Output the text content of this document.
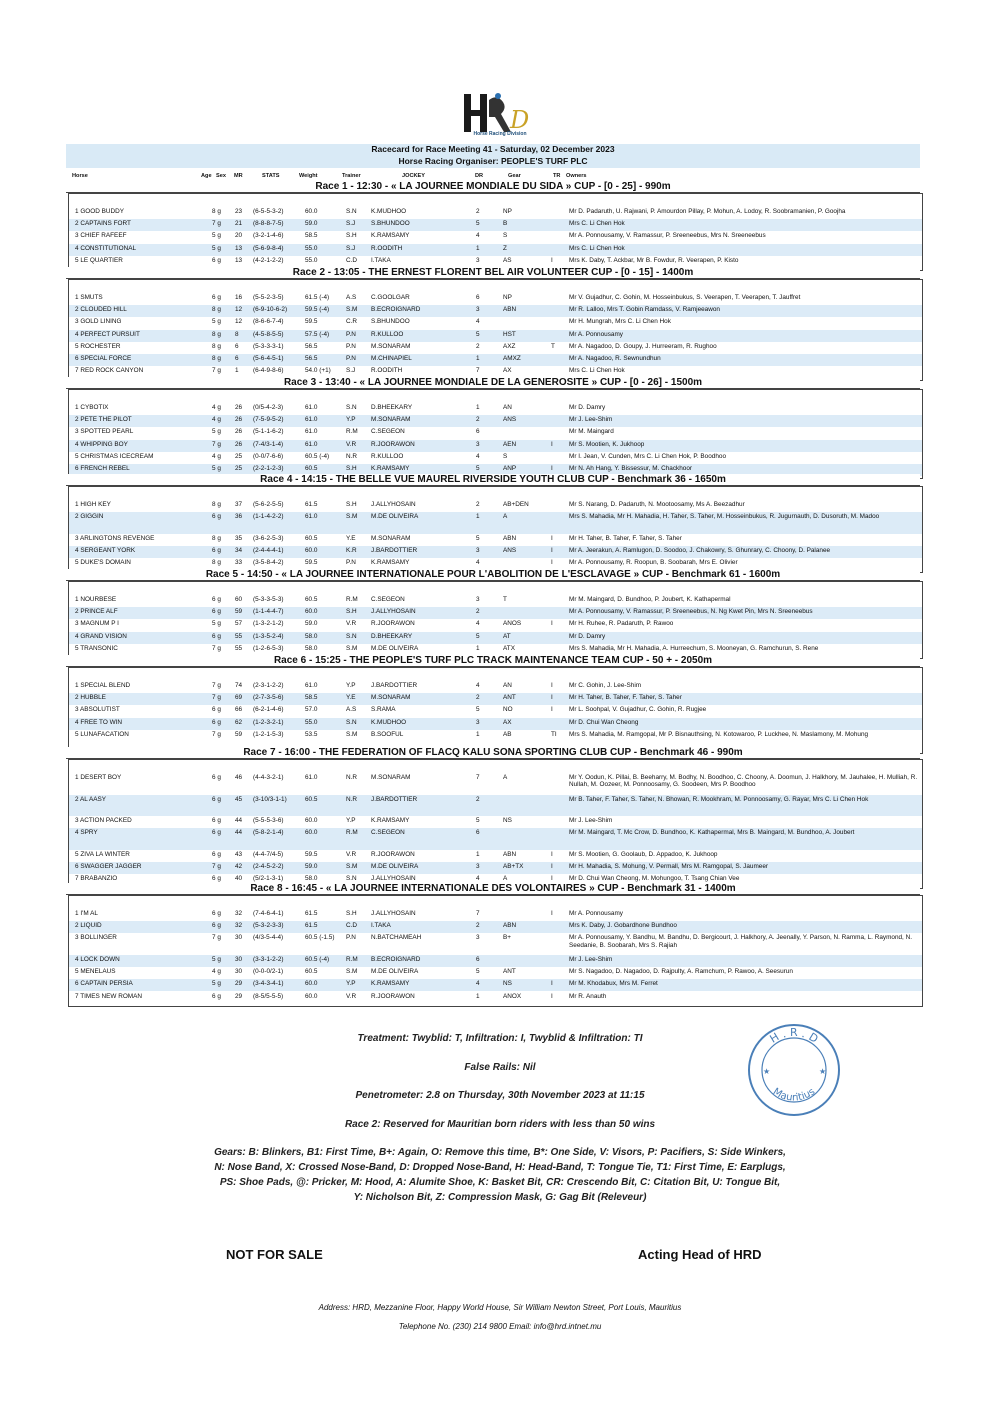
D
Horse Racing Division
Racecard for Race Meeting 41 - Saturday, 02 December 2023
Horse Racing Organiser: PEOPLE'S TURF PLC
Horse	Age Sex MR	STATS	Weight	Trainer	JOCKEY	DR	Gear	TR Owners
Race 1 - 12:30 - « LA JOURNEE MONDIALE DU SIDA » CUP - [0 - 25] - 990m
1 GOOD BUDDY	8 g 23 (6-5-5-3-2)	60.0	S.N K.MUDHOO	2	NP	Mr D. Padaruth, U. Rajwani, P. Amourdon Pillay, P. Mohun, A. Lodoy, R. Soobramanien, P. Goojha
2 CAPTAINS FORT	7 g 21 (8-8-8-7-5)	59.0	S.J S.BHUNDOO	5	B	Mrs C. Li Chen Hok
3 CHIEF RAFEEF	5 g 20 (3-2-1-4-6)	58.5	S.H K.RAMSAMY	4	S	Mr A. Ponnousamy, V. Ramassur, P. Sreeneebus, Mrs N. Sreeneebus
4 CONSTITUTIONAL	5 g 13 (5-6-9-8-4)	55.0	S.J R.OODITH	1	Z	Mrs C. Li Chen Hok
5 LE QUARTIER	6 g 13 (4-2-1-2-2)	55.0	C.D I.TAKA	3	AS	I	Mrs K. Daby, T. Ackbar, Mr B. Fowdur, R. Veerapen, P. Kisto
Race 2 - 13:05 - THE ERNEST FLORENT BEL AIR VOLUNTEER CUP - [0 - 15] - 1400m
1 SMUTS	6 g 16 (5-5-2-3-5)	61.5 (-4)	A.S C.GOOLGAR	6	NP	Mr V. Gujadhur, C. Gohin, M. Hosseinbukus, S. Veerapen, T. Veerapen, T. Jauffret
2 CLOUDED HILL	8 g 12 (6-9-10-6-2)	59.5 (-4)	S.M B.ECROIGNARD	3	ABN	Mr R. Lalloo, Mrs T. Gobin Ramdass, V. Ramjeeawon
3 GOLD LINING	5 g 12 (8-6-6-7-4)	59.5	C.R S.BHUNDOO	4	Mr H. Mungrah, Mrs C. Li Chen Hok
4 PERFECT PURSUIT	8 g 8 (4-5-8-5-5)	57.5 (-4)	P.N R.KULLOO	5	HST	Mr A. Ponnousamy
5 ROCHESTER	8 g 6 (5-3-3-3-1)	56.5	P.N M.SONARAM	2	AXZ	T Mr A. Nagadoo, D. Goupy, J. Hurreeram, R. Rughoo
6 SPECIAL FORCE	8 g 6 (5-6-4-5-1)	56.5	P.N M.CHINAPIEL	1	AMXZ	Mr A. Nagadoo, R. Sewnundhun
7 RED ROCK CANYON	7 g 1 (6-4-9-8-6)	54.0 (+1) S.J R.OODITH	7	AX	Mrs C. Li Chen Hok
Race 3 - 13:40 - « LA JOURNEE MONDIALE DE LA GENEROSITE » CUP - [0 - 26] - 1500m
1 CYBOTIX	4 g 26 (0/5-4-2-3)	61.0	S.N D.BHEEKARY	1	AN	Mr D. Damry
2 PETE THE PILOT	4 g 26 (7-5-9-5-2)	61.0	Y.P M.SONARAM	2	ANS	Mr J. Lee-Shim
3 SPOTTED PEARL	5 g 26 (5-1-1-6-2)	61.0	R.M C.SEGEON	6	Mr M. Maingard
4 WHIPPING BOY	7 g 26 (7-4/3-1-4)	61.0	V.R R.JOORAWON	3	AEN	I	Mr S. Mootien, K. Jukhoop
5 CHRISTMAS ICECREAM	4 g 25 (0-0/7-6-6)	60.5 (-4)	N.R R.KULLOO	4	S	Mr I. Jean, V. Cunden, Mrs C. Li Chen Hok, P. Boodhoo
6 FRENCH REBEL	5 g 25 (2-2-1-2-3)	60.5	S.H K.RAMSAMY	5	ANP	I	Mr N. Ah Hang, Y. Bissessur, M. Chackhoor
Race 4 - 14:15 - THE BELLE VUE MAUREL RIVERSIDE YOUTH CLUB CUP - Benchmark 36 - 1650m
1 HIGH KEY	8 g 37 (5-6-2-5-5)	61.5	S.H J.ALLYHOSAIN	2	AB+DEN	Mr S. Narang, D. Padaruth, N. Mootoosamy, Ms A. Beezadhur
2 GIGGIN	6 g 36 (1-1-4-2-2)	61.0	S.M M.DE OLIVEIRA	1	A	Mrs S. Mahadia, Mr H. Mahadia, H. Taher, S. Taher, M. Hosseinbukus, R. Jugurnauth, D. Dusoruth, M. Madoo
3 ARLINGTONS REVENGE	8 g 35 (3-6-2-5-3)	60.5	Y.E M.SONARAM	5	ABN	I	Mr H. Taher, B. Taher, F. Taher, S. Taher
4 SERGEANT YORK	6 g 34 (2-4-4-4-1)	60.0	K.R J.BARDOTTIER	3	ANS	I	Mr A. Jeerakun, A. Ramlugon, D. Soodoo, J. Chakowry, S. Ghunrary, C. Choony, D. Palanee
5 DUKE'S DOMAIN	8 g 33 (3-5-8-4-2)	59.5	P.N K.RAMSAMY	4	I	Mr A. Ponnousamy, R. Roopun, B. Soobarah, Mrs E. Olivier
Race 5 - 14:50 - « LA JOURNEE INTERNATIONALE POUR L'ABOLITION DE L'ESCLAVAGE » CUP - Benchmark 61 - 1600m
1 NOURBESE	6 g 60 (5-3-3-5-3)	60.5	R.M C.SEGEON	3	T	Mr M. Maingard, D. Bundhoo, P. Joubert, K. Kathapermal
2 PRINCE ALF	6 g 59 (1-1-4-4-7)	60.0	S.H J.ALLYHOSAIN	2	Mr A. Ponnousamy, V. Ramassur, P. Sreeneebus, N. Ng Kwet Pin, Mrs N. Sreeneebus
3 MAGNUM P I	5 g 57 (1-3-2-1-2)	59.0	V.R R.JOORAWON	4	ANOS	I	Mr H. Ruhee, R. Padaruth, P. Rawoo
4 GRAND VISION	6 g 55 (1-3-5-2-4)	58.0	S.N D.BHEEKARY	5	AT	Mr D. Damry
5 TRANSONIC	7 g 55 (1-2-6-5-3)	58.0	S.M M.DE OLIVEIRA	1	ATX	Mrs S. Mahadia, Mr H. Mahadia, A. Hurreechum, S. Mooneyan, G. Ramchurun, S. Rene
Race 6 - 15:25 - THE PEOPLE'S TURF PLC TRACK MAINTENANCE TEAM CUP - 50 + - 2050m
1 SPECIAL BLEND	7 g 74 (2-3-1-2-2)	61.0	Y.P J.BARDOTTIER	4	AN	I	Mr C. Gohin, J. Lee-Shim
2 HUBBLE	7 g 69 (2-7-3-5-6)	58.5	Y.E M.SONARAM	2	ANT	I	Mr H. Taher, B. Taher, F. Taher, S. Taher
3 ABSOLUTIST	6 g 66 (6-2-1-4-6)	57.0	A.S S.RAMA	5	NO	I	Mr L. Soohpal, V. Gujadhur, C. Gohin, R. Rugjee
4 FREE TO WIN	6 g 62 (1-2-3-2-1)	55.0	S.N K.MUDHOO	3	AX	Mr D. Chui Wan Cheong
5 LUNAFACATION	7 g 59 (1-2-1-5-3)	53.5	S.M B.SOOFUL	1	AB	TI Mrs S. Mahadia, M. Ramgopal, Mr P. Bisnauthsing, N. Kotowaroo, P. Luckhee, N. Maslamony, M. Mohung
Race 7 - 16:00 - THE FEDERATION OF FLACQ KALU SONA SPORTING CLUB CUP - Benchmark 46 - 990m
1 DESERT BOY	6 g 46 (4-4-3-2-1)	61.0	N.R M.SONARAM	7	A	Mr Y. Oodun, K. Pillai, B. Beeharry, M. Bodhy, N. Boodhoo, C. Choony, A. Doomun, J. Halkhory, M. Jauhalee, H. Mulliah, R. Nullah, M. Oozeer, M. Ponnoosamy, G. Soodeen, Mrs P. Boodhoo
2 AL AASY	6 g 45 (3-10/3-1-1)	60.5	N.R J.BARDOTTIER	2	Mr B. Taher, F. Taher, S. Taher, N. Bhowan, R. Mookhram, M. Ponnoosamy, G. Rayar, Mrs C. Li Chen Hok
3 ACTION PACKED	6 g 44 (5-5-5-3-6)	60.0	Y.P K.RAMSAMY	5	NS	Mr J. Lee-Shim
4 SPRY	6 g 44 (5-8-2-1-4)	60.0	R.M C.SEGEON	6	Mr M. Maingard, T. Mc Crow, D. Bundhoo, K. Kathapermal, Mrs B. Maingard, M. Bundhoo, A. Joubert
5 ZIVA LA WINTER	6 g 43 (4-4-7/4-5)	59.5	V.R R.JOORAWON	1	ABN	I	Mr S. Mootien, G. Goolaub, D. Appadoo, K. Jukhoop
6 SWAGGER JAGGER	7 g 42 (2-4-5-2-2)	59.0	S.M M.DE OLIVEIRA	3	AB+TX	I	Mr H. Mahadia, S. Mohung, V. Permall, Mrs M. Ramgopal, S. Jaumeer
7 BRABANZIO	6 g 40 (5/2-1-3-1)	58.0	S.N J.ALLYHOSAIN	4	A	I	Mr D. Chui Wan Cheong, M. Mohungoo, T. Tsang Chian Vee
Race 8 - 16:45 - « LA JOURNEE INTERNATIONALE DES VOLONTAIRES » CUP - Benchmark 31 - 1400m
1 I'M AL	6 g 32 (7-4-6-4-1)	61.5	S.H J.ALLYHOSAIN	7	I	Mr A. Ponnousamy
2 LIQUID	6 g 32 (5-3-2-3-3)	61.5	C.D I.TAKA	2	ABN	Mrs K. Daby, J. Gobardhone Bundhoo
3 BOLLINGER	7 g 30 (4/3-5-4-4)	60.5 (-1.5) P.N N.BATCHAMEAH	3	B+	Mr A. Ponnousamy, Y. Bandhu, M. Bandhu, D. Bergicourt, J. Halkhory, A. Jeenally, Y. Parson, N. Ramma, L. Raymond, N. Seedanie, B. Soobarah, Mrs S. Rajiah
4 LOCK DOWN	5 g 30 (3-3-1-2-2)	60.5 (-4)	R.M B.ECROIGNARD	6	Mr J. Lee-Shim
5 MENELAUS	4 g 30 (0-0-0/2-1)	60.5	S.M M.DE OLIVEIRA	5	ANT	Mr S. Nagadoo, D. Nagadoo, D. Rajpulty, A. Ramchum, P. Rawoo, A. Seesurun
6 CAPTAIN PERSIA	5 g 29 (3-4-3-4-1)	60.0	Y.P K.RAMSAMY	4	NS	I	Mr M. Khodabux, Mrs M. Ferret
7 TIMES NEW ROMAN	6 g 29 (8-5/5-5-5)	60.0	V.R R.JOORAWON	1	ANOX	I	Mr R. Anauth
Treatment: Twyblid: T, Infiltration: I, Twyblid & Infiltration: TI
False Rails: Nil
Penetrometer: 2.8 on Thursday, 30th November 2023 at 11:15
Race 2: Reserved for Mauritian born riders with less than 50 wins
Gears: B: Blinkers, B1: First Time, B+: Again, O: Remove this time, B*: One Side, V: Visors, P: Pacifiers, S: Side Winkers,
N: Nose Band, X: Crossed Nose-Band, D: Dropped Nose-Band, H: Head-Band, T: Tongue Tie, T1: First Time, E: Earplugs,
PS: Shoe Pads, @: Pricker, M: Hood, A: Alumite Shoe, K: Basket Bit, CR: Crescendo Bit, C: Citation Bit, U: Tongue Bit,
Y: Nicholson Bit, Z: Compression Mask, G: Gag Bit (Releveur)
H . R . D
Mauritius
★	★
NOT FOR SALE	Acting Head of HRD
Address: HRD, Mezzanine Floor, Happy World House, Sir William Newton Street, Port Louis, Mauritius
Telephone No. (230) 214 9800 Email: info@hrd.intnet.mu
